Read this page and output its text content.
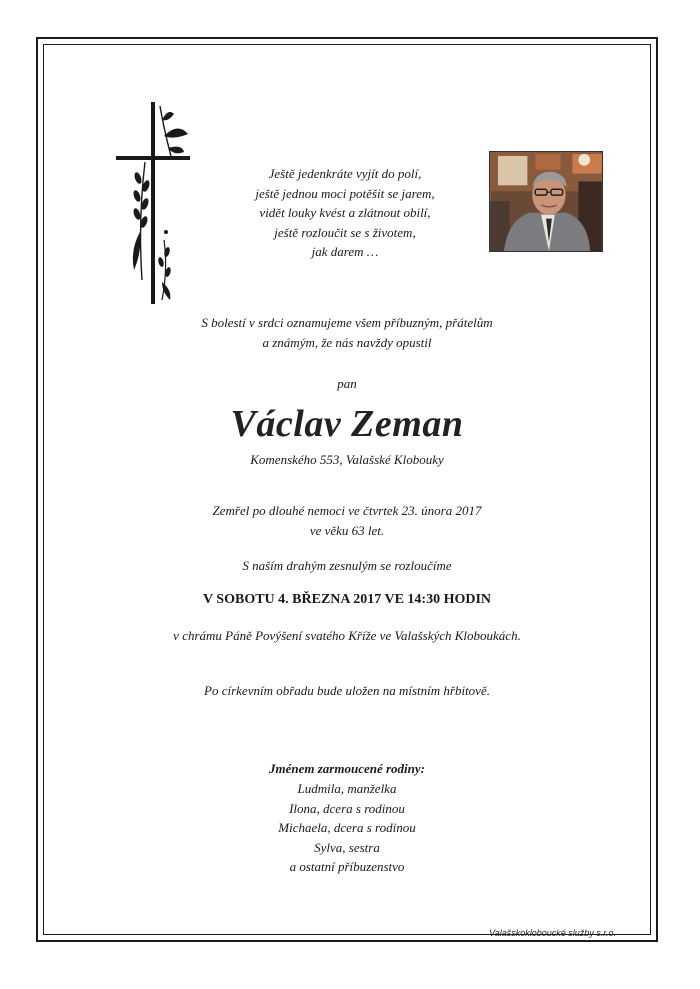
Ještě jedenkráte vyjít do polí,
ještě jednou moci potěšit se jarem,
vidět louky kvést a zlátnout obilí,
ještě rozloučit se s životem,
jak darem …
S bolestí v srdci oznamujeme všem příbuzným, přátelům
a známým, že nás navždy opustil
pan
Václav Zeman
Komenského 553, Valašské Klobouky
Zemřel po dlouhé nemoci ve čtvrtek 23. února 2017
ve věku 63 let.
S naším drahým zesnulým se rozloučíme
V SOBOTU 4. BŘEZNA 2017 VE 14:30 HODIN
v chrámu Páně Povýšení svatého Kříže ve Valašských Kloboukách.
Po církevním obřadu bude uložen na místním hřbitově.
Jménem zarmoucené rodiny:
Ludmila, manželka
Ilona, dcera s rodinou
Michaela, dcera s rodinou
Sylva, sestra
a ostatní příbuzenstvo
Valašskokloboucké služby s.r.o.
